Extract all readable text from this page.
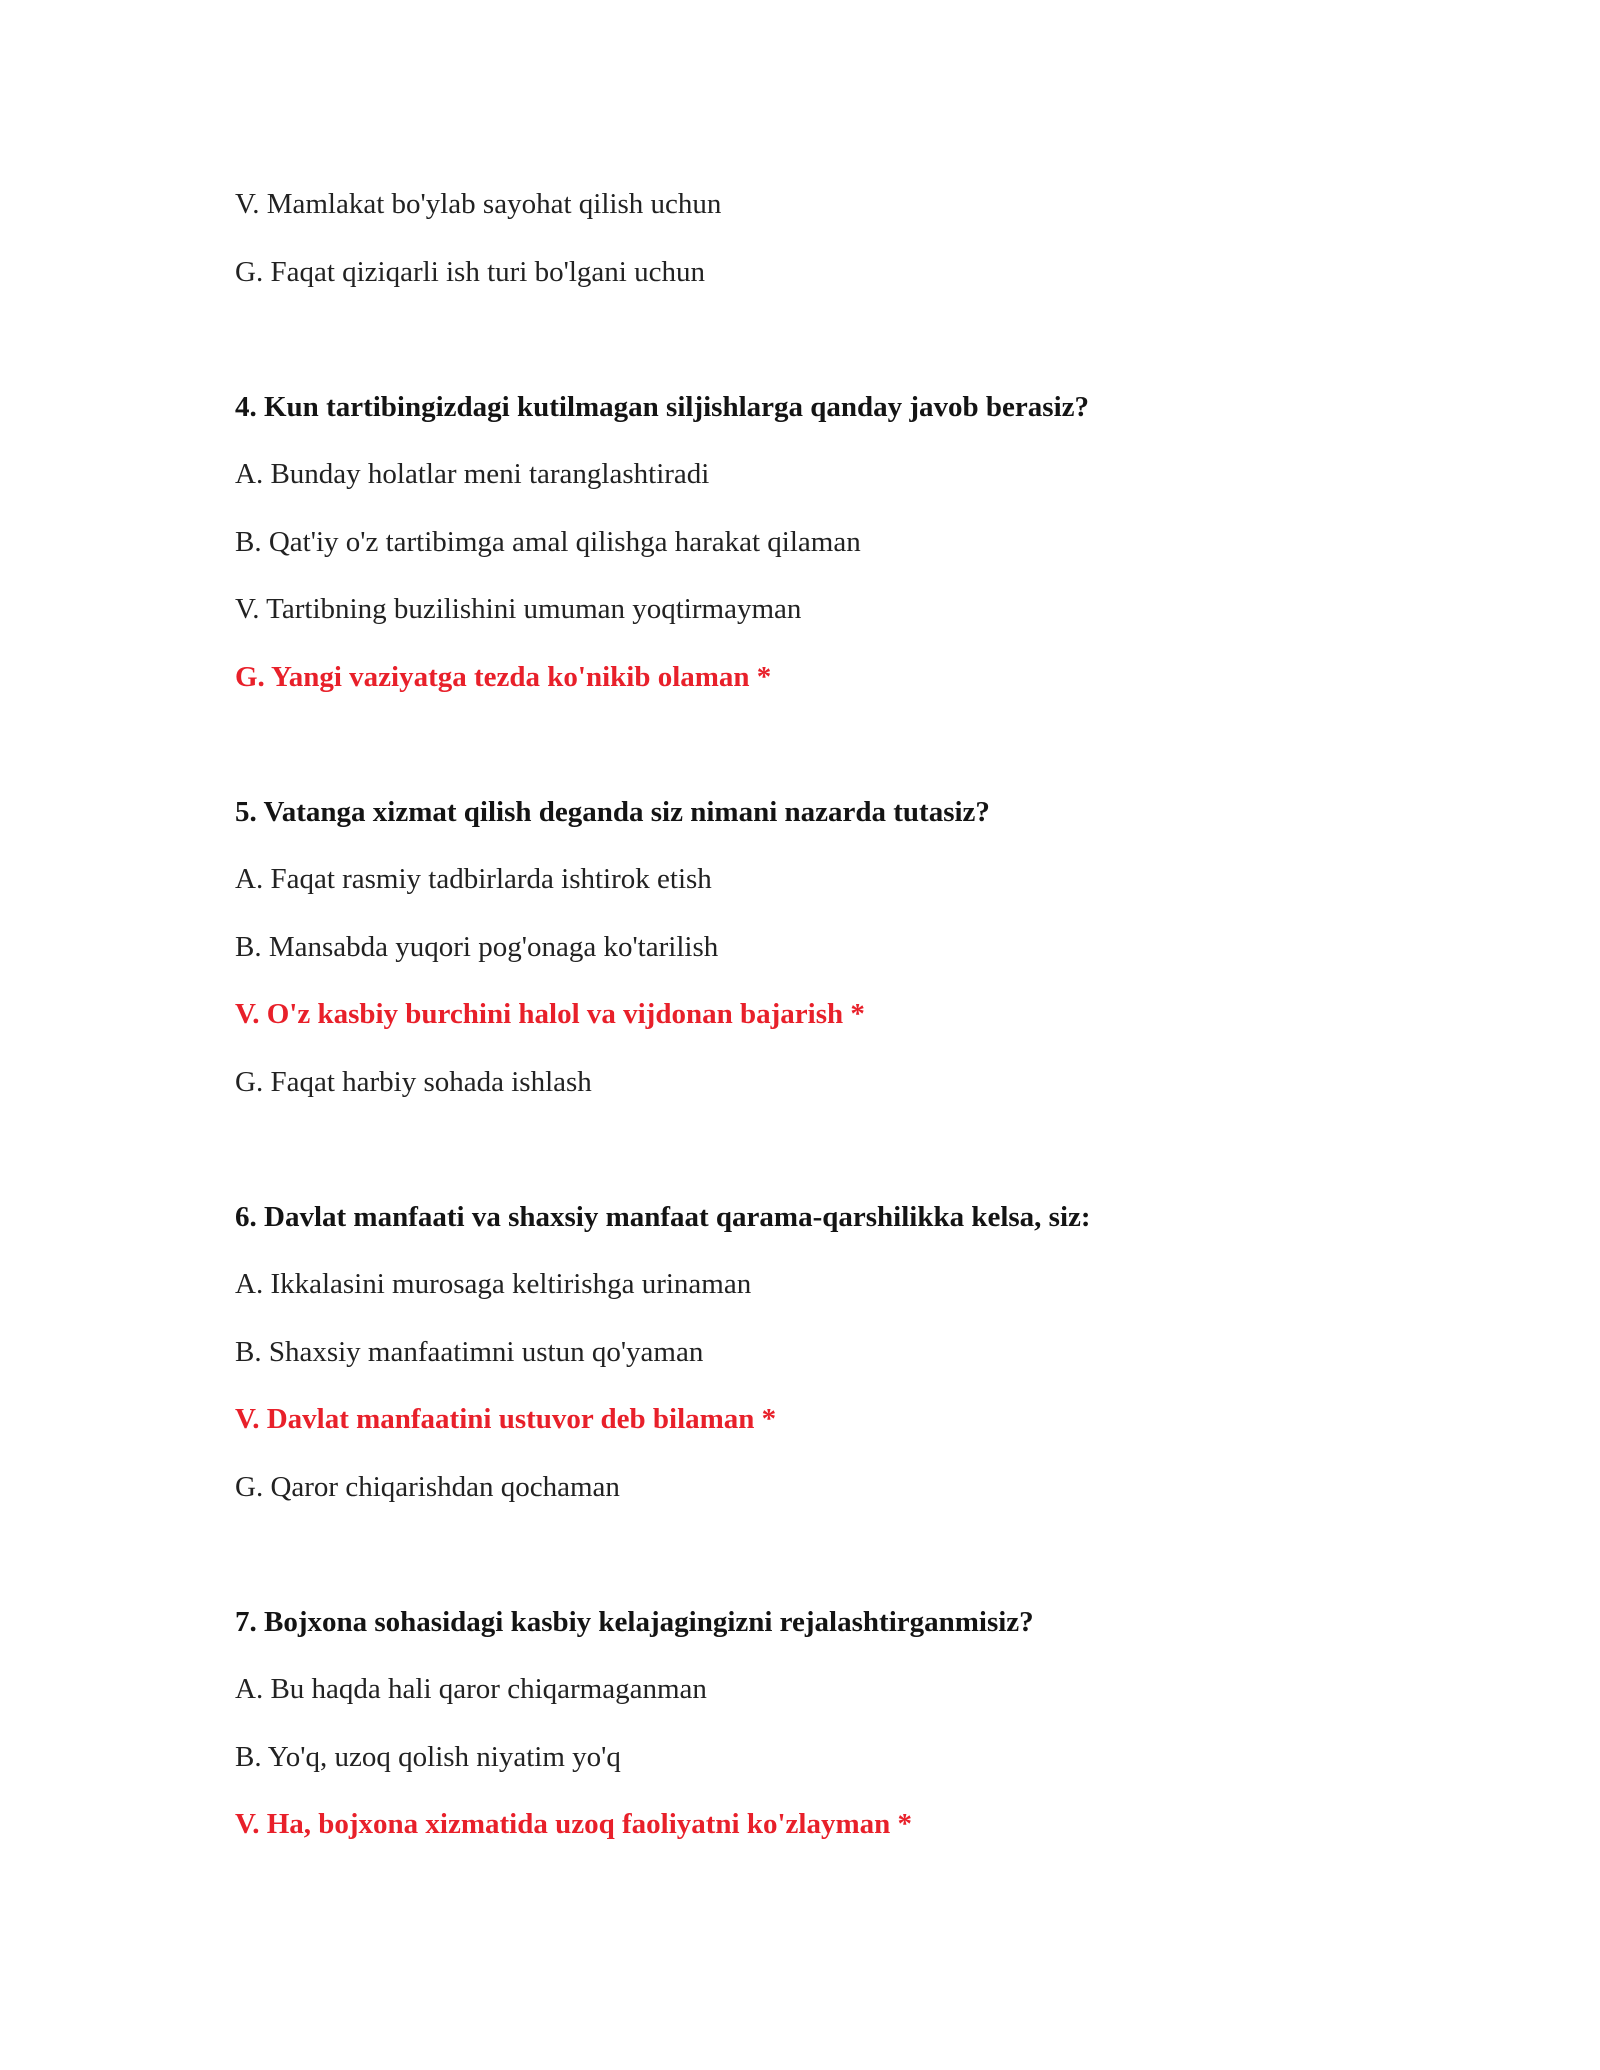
V. Mamlakat bo'ylab sayohat qilish uchun
G. Faqat qiziqarli ish turi bo'lgani uchun
4. Kun tartibingizdagi kutilmagan siljishlarga qanday javob berasiz?
A. Bunday holatlar meni taranglashtiradi
B. Qat'iy o'z tartibimga amal qilishga harakat qilaman
V. Tartibning buzilishini umuman yoqtirmayman
G. Yangi vaziyatga tezda ko'nikib olaman *
5. Vatanga xizmat qilish deganda siz nimani nazarda tutasiz?
A. Faqat rasmiy tadbirlarda ishtirok etish
B. Mansabda yuqori pog'onaga ko'tarilish
V. O'z kasbiy burchini halol va vijdonan bajarish *
G. Faqat harbiy sohada ishlash
6. Davlat manfaati va shaxsiy manfaat qarama-qarshilikka kelsa, siz:
A. Ikkalasini murosaga keltirishga urinaman
B. Shaxsiy manfaatimni ustun qo'yaman
V. Davlat manfaatini ustuvor deb bilaman *
G. Qaror chiqarishdan qochaman
7. Bojxona sohasidagi kasbiy kelajagingizni rejalashtirganmisiz?
A. Bu haqda hali qaror chiqarmaganman
B. Yo'q, uzoq qolish niyatim yo'q
V. Ha, bojxona xizmatida uzoq faoliyatni ko'zlayman *
